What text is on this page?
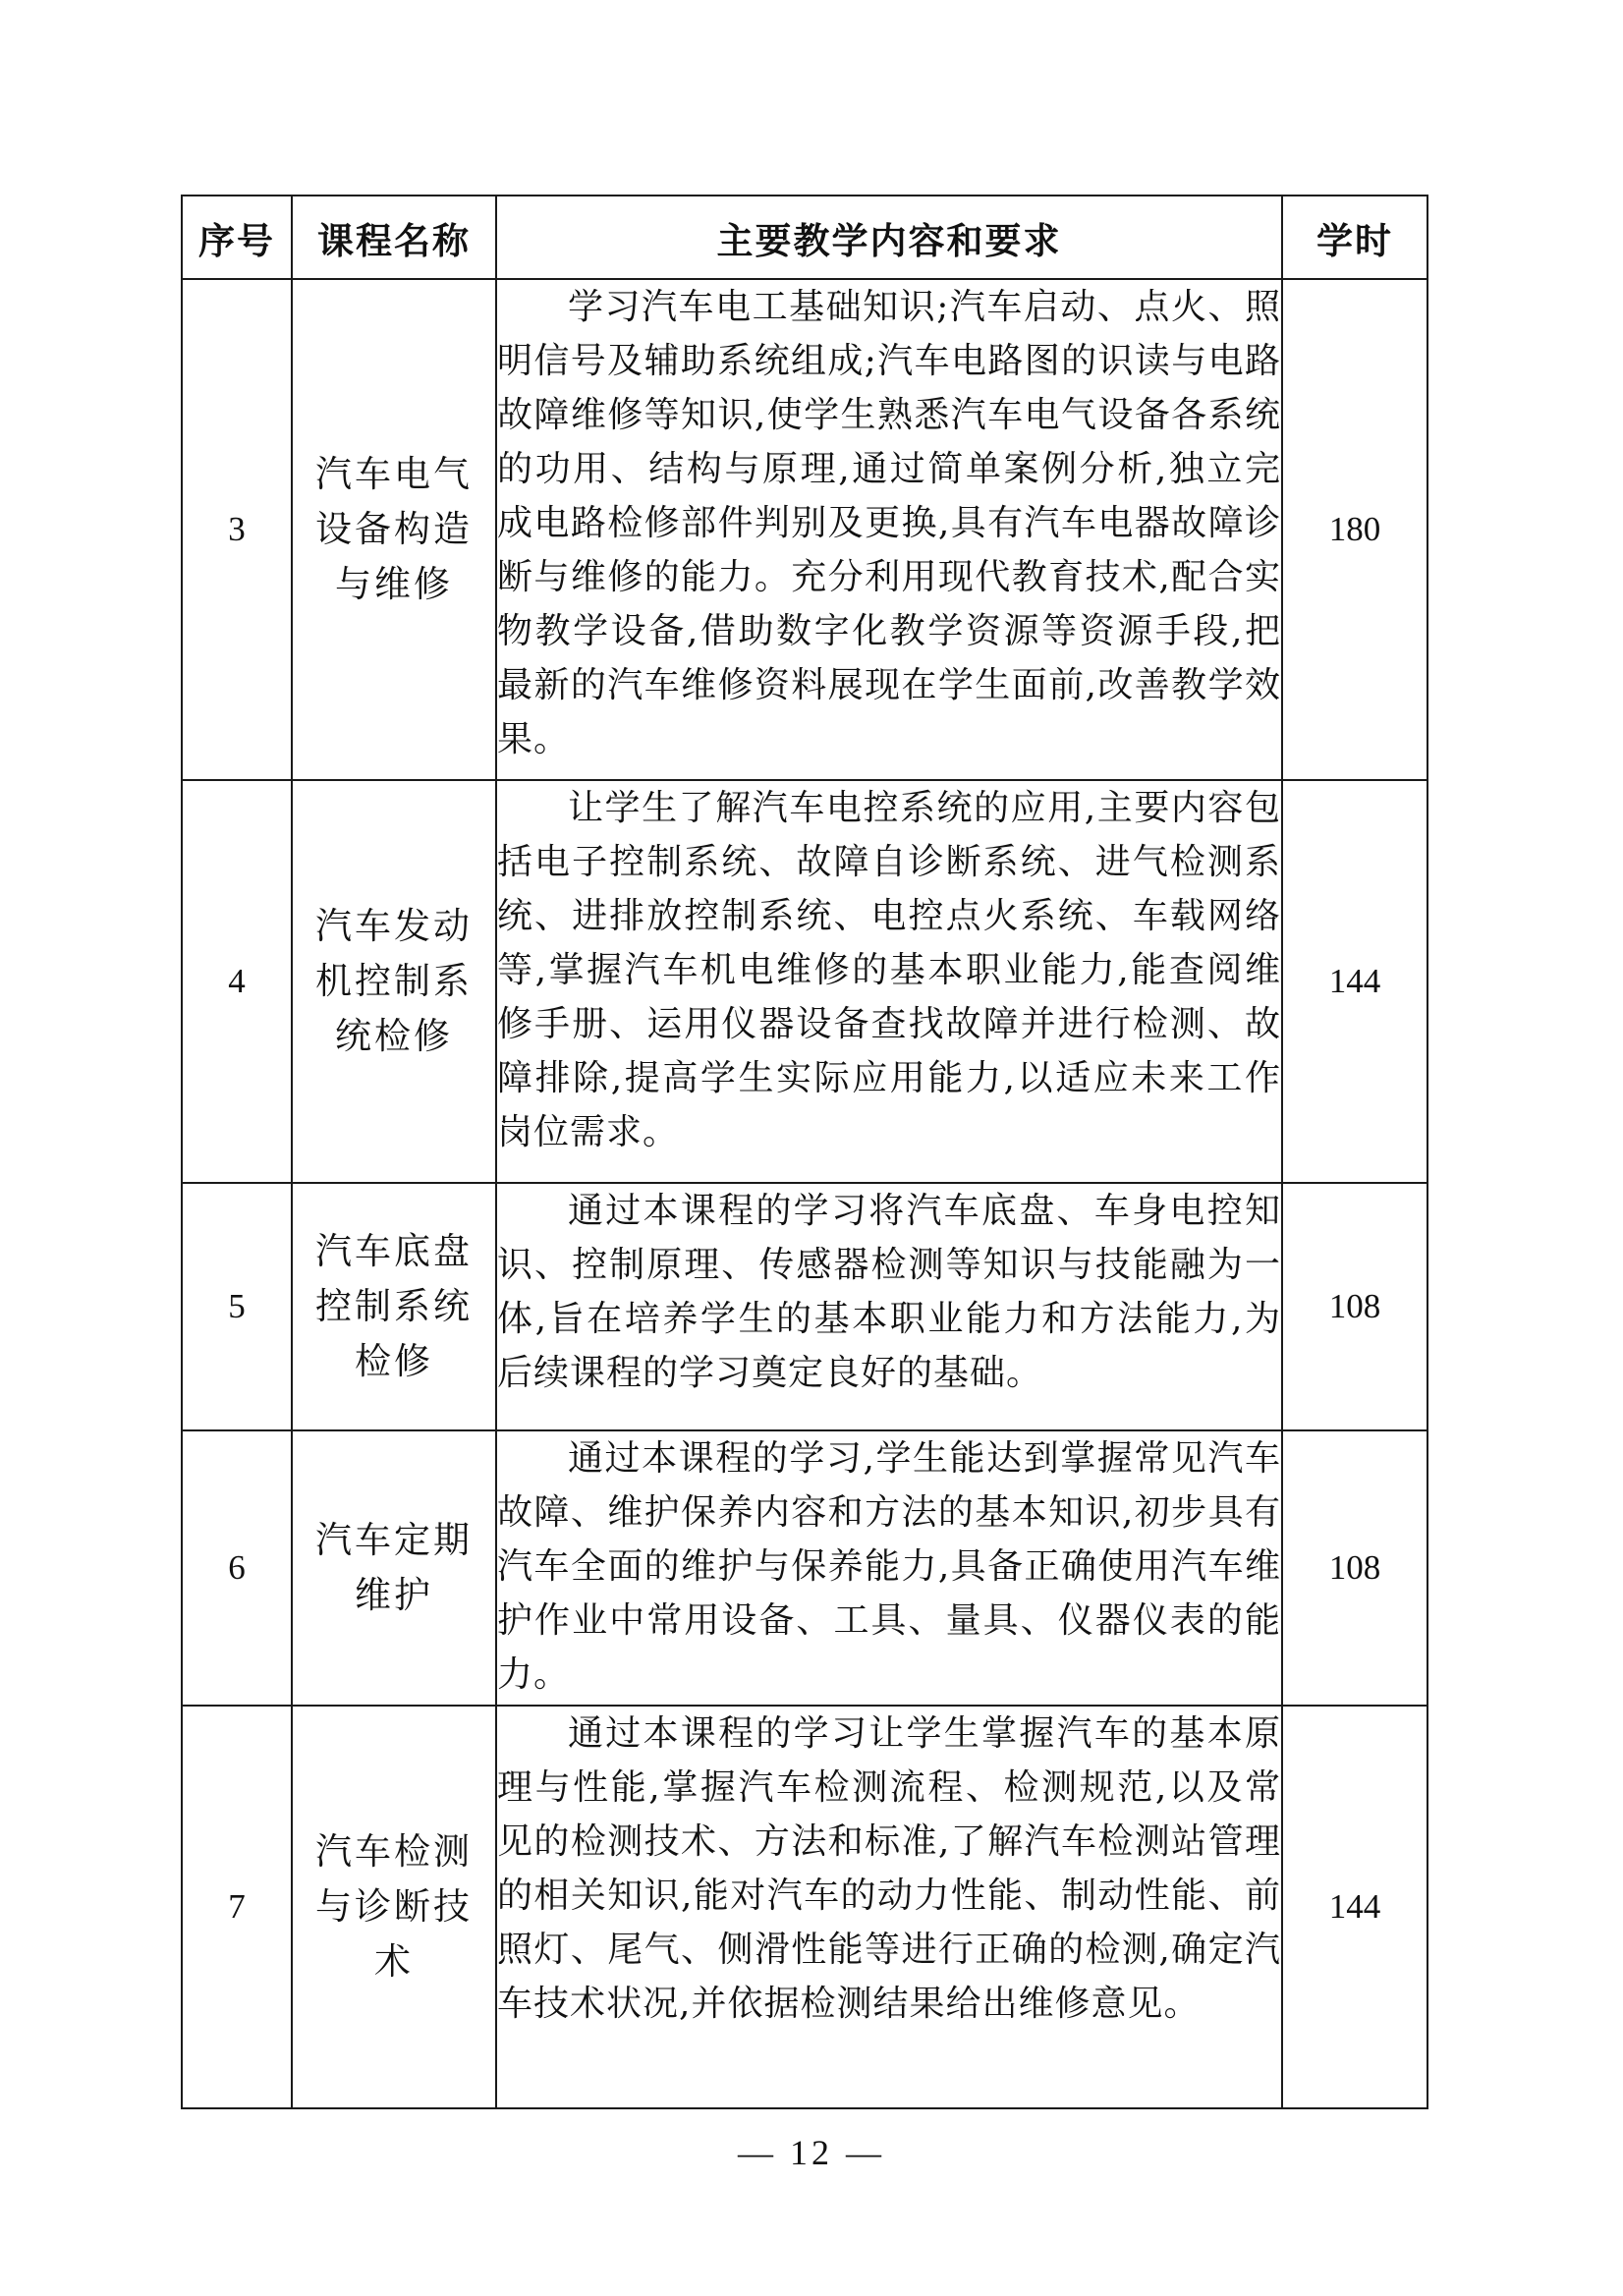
序号	课程名称	主要教学内容和要求	学时
3	汽车电气设备构造与维修	学习汽车电工基础知识;汽车启动、点火、照明信号及辅助系统组成;汽车电路图的识读与电路故障维修等知识,使学生熟悉汽车电气设备各系统的功用、结构与原理,通过简单案例分析,独立完成电路检修部件判别及更换,具有汽车电器故障诊断与维修的能力。充分利用现代教育技术,配合实物教学设备,借助数字化教学资源等资源手段,把最新的汽车维修资料展现在学生面前,改善教学效果。	180
4	汽车发动机控制系统检修	让学生了解汽车电控系统的应用,主要内容包括电子控制系统、故障自诊断系统、进气检测系统、进排放控制系统、电控点火系统、车载网络等,掌握汽车机电维修的基本职业能力,能查阅维修手册、运用仪器设备查找故障并进行检测、故障排除,提高学生实际应用能力,以适应未来工作岗位需求。	144
5	汽车底盘控制系统检修	通过本课程的学习将汽车底盘、车身电控知识、控制原理、传感器检测等知识与技能融为一体,旨在培养学生的基本职业能力和方法能力,为后续课程的学习奠定良好的基础。	108
6	汽车定期维护	通过本课程的学习,学生能达到掌握常见汽车故障、维护保养内容和方法的基本知识,初步具有汽车全面的维护与保养能力,具备正确使用汽车维护作业中常用设备、工具、量具、仪器仪表的能力。	108
7	汽车检测与诊断技术	通过本课程的学习让学生掌握汽车的基本原理与性能,掌握汽车检测流程、检测规范,以及常见的检测技术、方法和标准,了解汽车检测站管理的相关知识,能对汽车的动力性能、制动性能、前照灯、尾气、侧滑性能等进行正确的检测,确定汽车技术状况,并依据检测结果给出维修意见。	144
— 12 —
